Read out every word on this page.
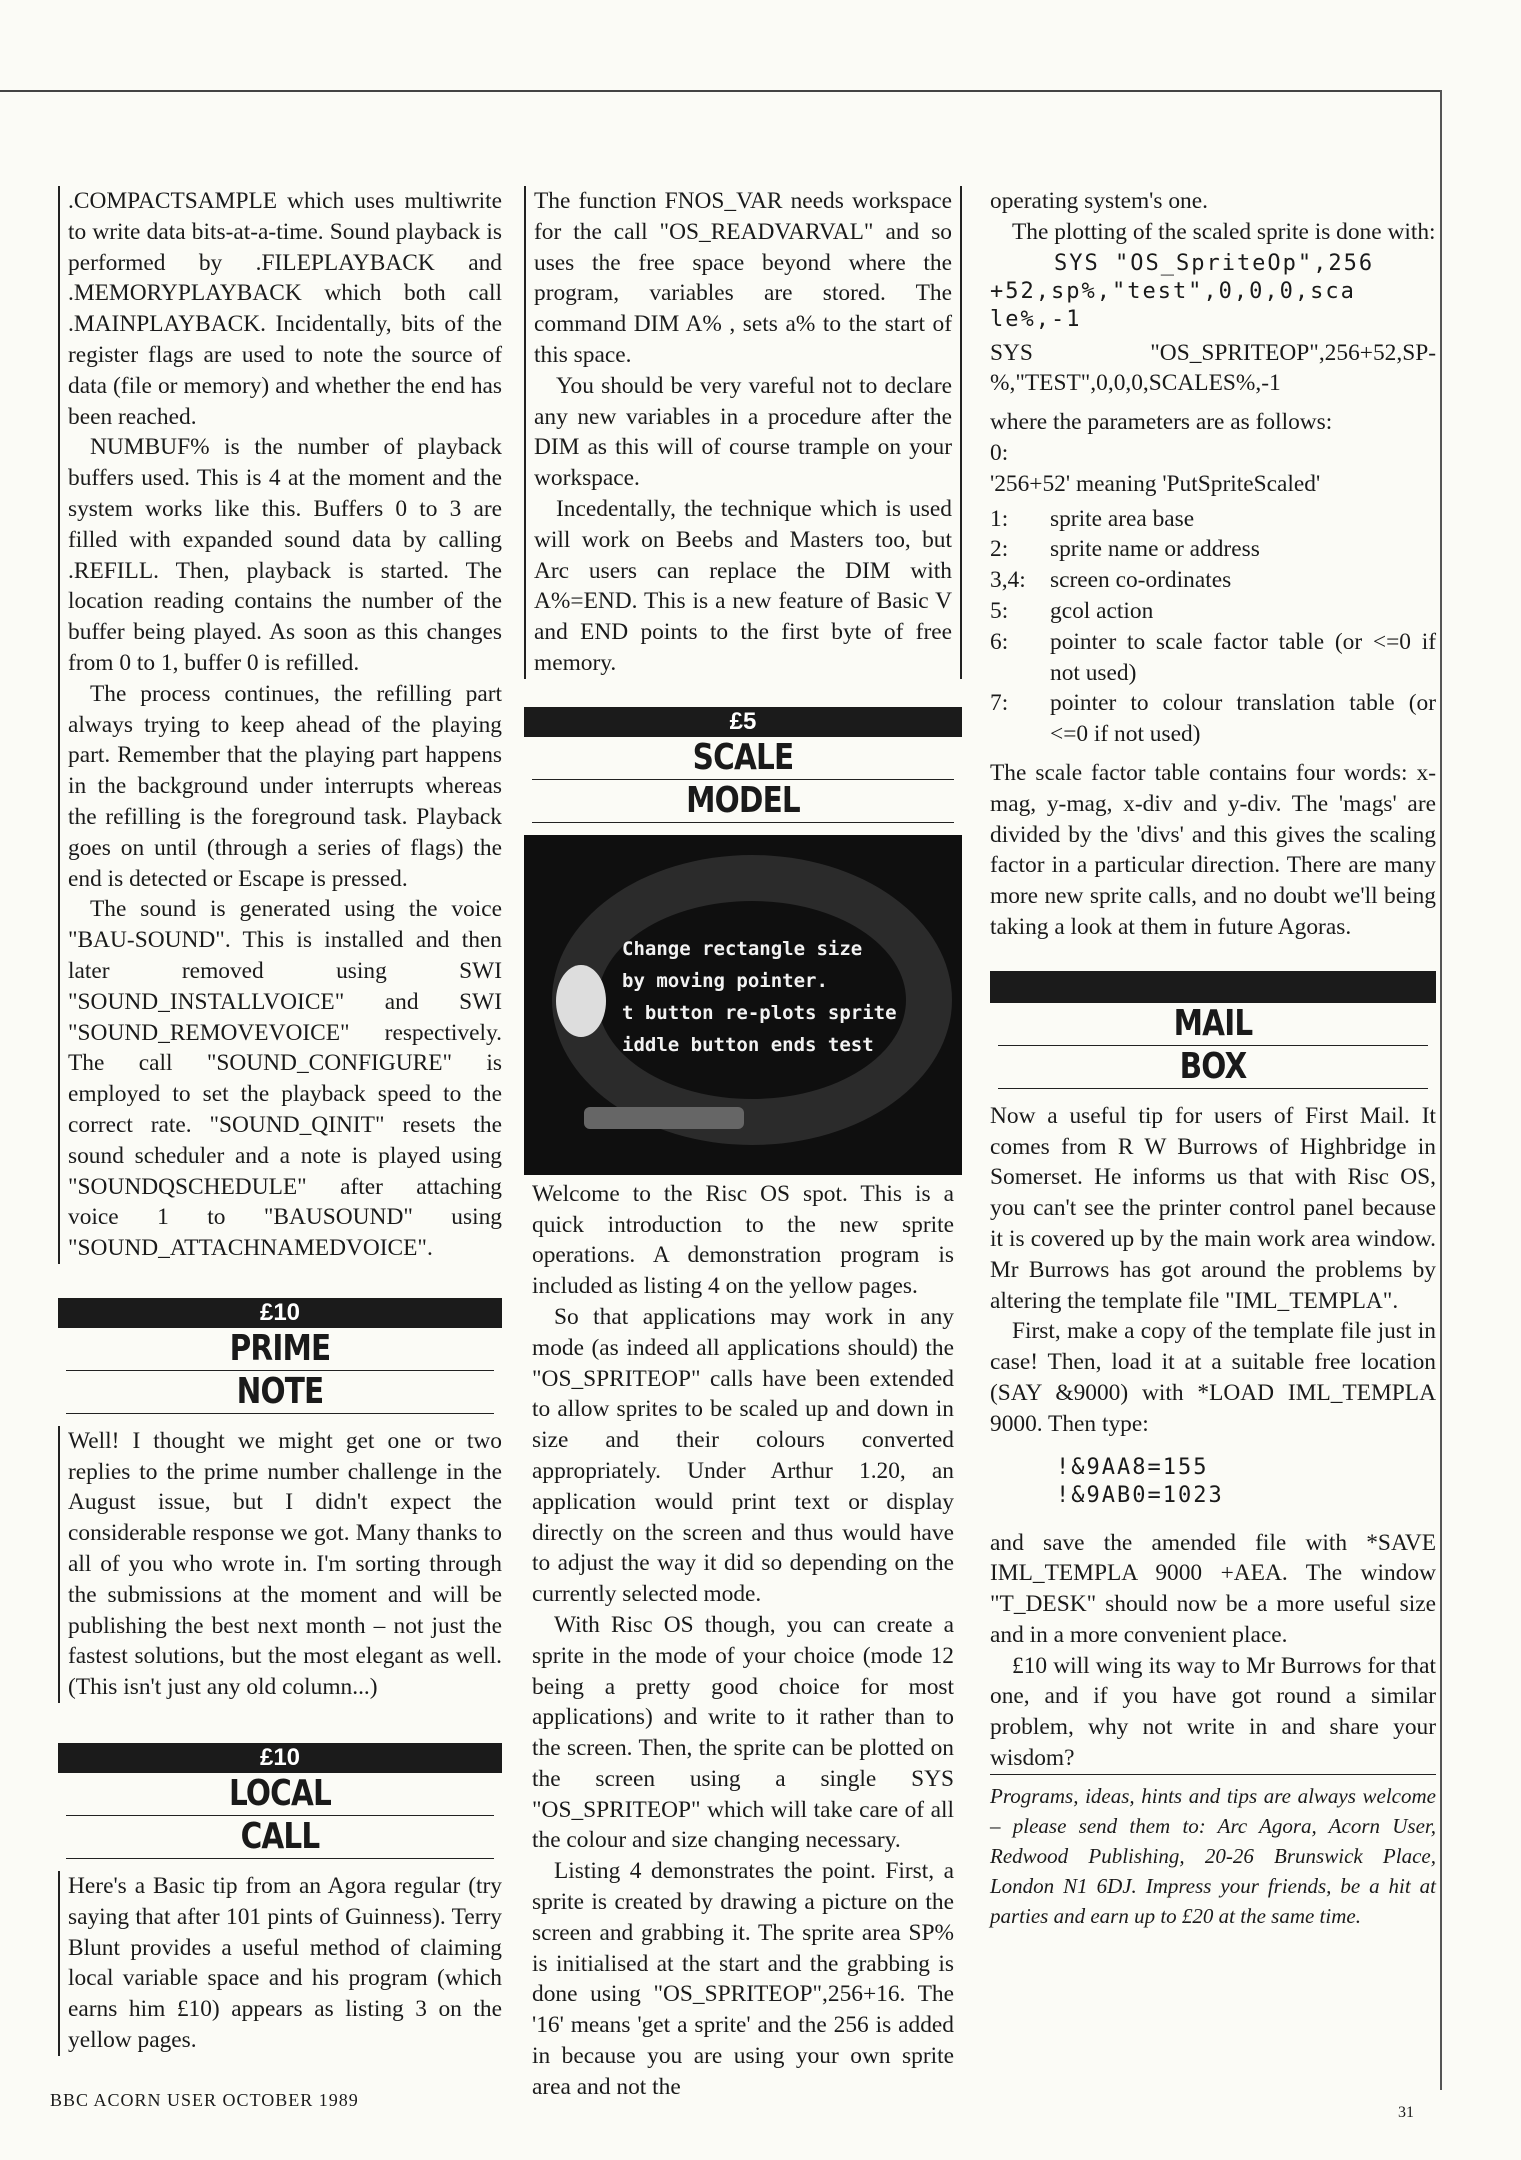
.COMPACTSAMPLE which uses multiwrite to write data bits-at-a-time. Sound playback is performed by .FILEPLAYBACK and .MEMORYPLAYBACK which both call .MAINPLAYBACK. Incidentally, bits of the register flags are used to note the source of data (file or memory) and whether the end has been reached.

NUMBUF% is the number of playback buffers used. This is 4 at the moment and the system works like this. Buffers 0 to 3 are filled with expanded sound data by calling .REFILL. Then, playback is started. The location reading contains the number of the buffer being played. As soon as this changes from 0 to 1, buffer 0 is refilled.

The process continues, the refilling part always trying to keep ahead of the playing part. Remember that the playing part happens in the background under interrupts whereas the refilling is the foreground task. Playback goes on until (through a series of flags) the end is detected or Escape is pressed.

The sound is generated using the voice "BAU-SOUND". This is installed and then later removed using SWI "SOUND_INSTALLVOICE" and SWI "SOUND_REMOVEVOICE" respectively. The call "SOUND_CONFIGURE" is employed to set the playback speed to the correct rate. "SOUND_QINIT" resets the sound scheduler and a note is played using "SOUNDQSCHEDULE" after attaching voice 1 to "BAUSOUND" using "SOUND_ATTACHNAMEDVOICE".

£10
PRIME
NOTE

Well! I thought we might get one or two replies to the prime number challenge in the August issue, but I didn't expect the considerable response we got. Many thanks to all of you who wrote in. I'm sorting through the submissions at the moment and will be publishing the best next month – not just the fastest solutions, but the most elegant as well. (This isn't just any old column...)

£10
LOCAL
CALL

Here's a Basic tip from an Agora regular (try saying that after 101 pints of Guinness). Terry Blunt provides a useful method of claiming local variable space and his program (which earns him £10) appears as listing 3 on the yellow pages.

The function FNOS_VAR needs workspace for the call "OS_READVARVAL" and so uses the free space beyond where the program, variables are stored. The command DIM A% , sets a% to the start of this space.

You should be very vareful not to declare any new variables in a procedure after the DIM as this will of course trample on your workspace.

Incedentally, the technique which is used will work on Beebs and Masters too, but Arc users can replace the DIM with A%=END. This is a new feature of Basic V and END points to the first byte of free memory.

£5
SCALE
MODEL
Change rectangle size
by moving pointer.
t button re-plots sprite
iddle button ends test

Welcome to the Risc OS spot. This is a quick introduction to the new sprite operations. A demonstration program is included as listing 4 on the yellow pages.

So that applications may work in any mode (as indeed all applications should) the "OS_SPRITEOP" calls have been extended to allow sprites to be scaled up and down in size and their colours converted appropriately. Under Arthur 1.20, an application would print text or display directly on the screen and thus would have to adjust the way it did so depending on the currently selected mode.

With Risc OS though, you can create a sprite in the mode of your choice (mode 12 being a pretty good choice for most applications) and write to it rather than to the screen. Then, the sprite can be plotted on the screen using a single SYS "OS_SPRITEOP" which will take care of all the colour and size changing necessary.

Listing 4 demonstrates the point. First, a sprite is created by drawing a picture on the screen and grabbing it. The sprite area SP% is initialised at the start and the grabbing is done using "OS_SPRITEOP",256+16. The '16' means 'get a sprite' and the 256 is added in because you are using your own sprite area and not the

operating system's one.

The plotting of the scaled sprite is done with:

SYS "OS_SpriteOp",256
+52,sp%,"test",0,0,0,sca
le%,-1
SYS	"OS_SPRITEOP",256+52,SP-

%,"TEST",0,0,0,SCALES%,-1

where the parameters are as follows:

0:

'256+52' meaning 'PutSpriteScaled'

1:	sprite area base
2:	sprite name or address
3,4:	screen co-ordinates
5:	gcol action
6:	pointer to scale factor table (or <=0 if not used)
7:	pointer to colour translation table (or <=0 if not used)

The scale factor table contains four words: x-mag, y-mag, x-div and y-div. The 'mags' are divided by the 'divs' and this gives the scaling factor in a particular direction. There are many more new sprite calls, and no doubt we'll being taking a look at them in future Agoras.

MAIL
BOX

Now a useful tip for users of First Mail. It comes from R W Burrows of Highbridge in Somerset. He informs us that with Risc OS, you can't see the printer control panel because it is covered up by the main work area window. Mr Burrows has got around the problems by altering the template file "IML_TEMPLA".

First, make a copy of the template file just in case! Then, load it at a suitable free location (SAY &9000) with *LOAD IML_TEMPLA 9000. Then type:

!&9AA8=155
!&9AB0=1023

and save the amended file with *SAVE IML_TEMPLA 9000 +AEA. The window "T_DESK" should now be a more useful size and in a more convenient place.

£10 will wing its way to Mr Burrows for that one, and if you have got round a similar problem, why not write in and share your wisdom?

Programs, ideas, hints and tips are always welcome – please send them to: Arc Agora, Acorn User, Redwood Publishing, 20-26 Brunswick Place, London N1 6DJ. Impress your friends, be a hit at parties and earn up to £20 at the same time.
BBC ACORN USER OCTOBER 1989
31
